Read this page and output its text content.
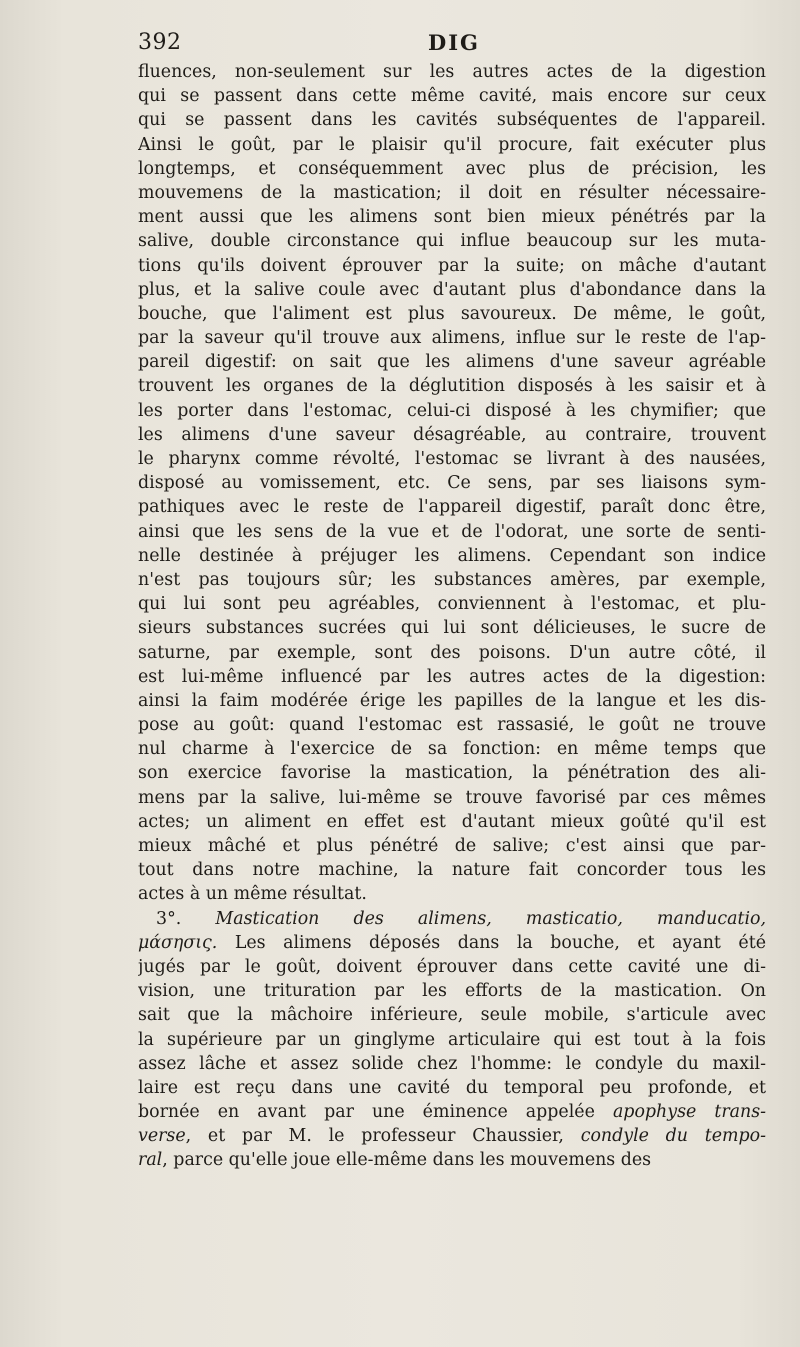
392	DIG
fluences, non-seulement sur les autres actes de la digestion
qui se passent dans cette même cavité, mais encore sur ceux
qui se passent dans les cavités subséquentes de l'appareil.
Ainsi le goût, par le plaisir qu'il procure, fait exécuter plus
longtemps, et conséquemment avec plus de précision, les
mouvemens de la mastication; il doit en résulter nécessaire-
ment aussi que les alimens sont bien mieux pénétrés par la
salive, double circonstance qui influe beaucoup sur les muta-
tions qu'ils doivent éprouver par la suite; on mâche d'autant
plus, et la salive coule avec d'autant plus d'abondance dans la
bouche, que l'aliment est plus savoureux. De même, le goût,
par la saveur qu'il trouve aux alimens, influe sur le reste de l'ap-
pareil digestif: on sait que les alimens d'une saveur agréable
trouvent les organes de la déglutition disposés à les saisir et à
les porter dans l'estomac, celui-ci disposé à les chymifier; que
les alimens d'une saveur désagréable, au contraire, trouvent
le pharynx comme révolté, l'estomac se livrant à des nausées,
disposé au vomissement, etc. Ce sens, par ses liaisons sym-
pathiques avec le reste de l'appareil digestif, paraît donc être,
ainsi que les sens de la vue et de l'odorat, une sorte de senti-
nelle destinée à préjuger les alimens. Cependant son indice
n'est pas toujours sûr; les substances amères, par exemple,
qui lui sont peu agréables, conviennent à l'estomac, et plu-
sieurs substances sucrées qui lui sont délicieuses, le sucre de
saturne, par exemple, sont des poisons. D'un autre côté, il
est lui-même influencé par les autres actes de la digestion:
ainsi la faim modérée érige les papilles de la langue et les dis-
pose au goût: quand l'estomac est rassasié, le goût ne trouve
nul charme à l'exercice de sa fonction: en même temps que
son exercice favorise la mastication, la pénétration des ali-
mens par la salive, lui-même se trouve favorisé par ces mêmes
actes; un aliment en effet est d'autant mieux goûté qu'il est
mieux mâché et plus pénétré de salive; c'est ainsi que par-
tout dans notre machine, la nature fait concorder tous les
actes à un même résultat.
3°. Mastication des alimens, masticatio, manducatio,
μάσησις. Les alimens déposés dans la bouche, et ayant été
jugés par le goût, doivent éprouver dans cette cavité une di-
vision, une trituration par les efforts de la mastication. On
sait que la mâchoire inférieure, seule mobile, s'articule avec
la supérieure par un ginglyme articulaire qui est tout à la fois
assez lâche et assez solide chez l'homme: le condyle du maxil-
laire est reçu dans une cavité du temporal peu profonde, et
bornée en avant par une éminence appelée apophyse trans-
verse, et par M. le professeur Chaussier, condyle du tempo-
ral, parce qu'elle joue elle-même dans les mouvemens des
